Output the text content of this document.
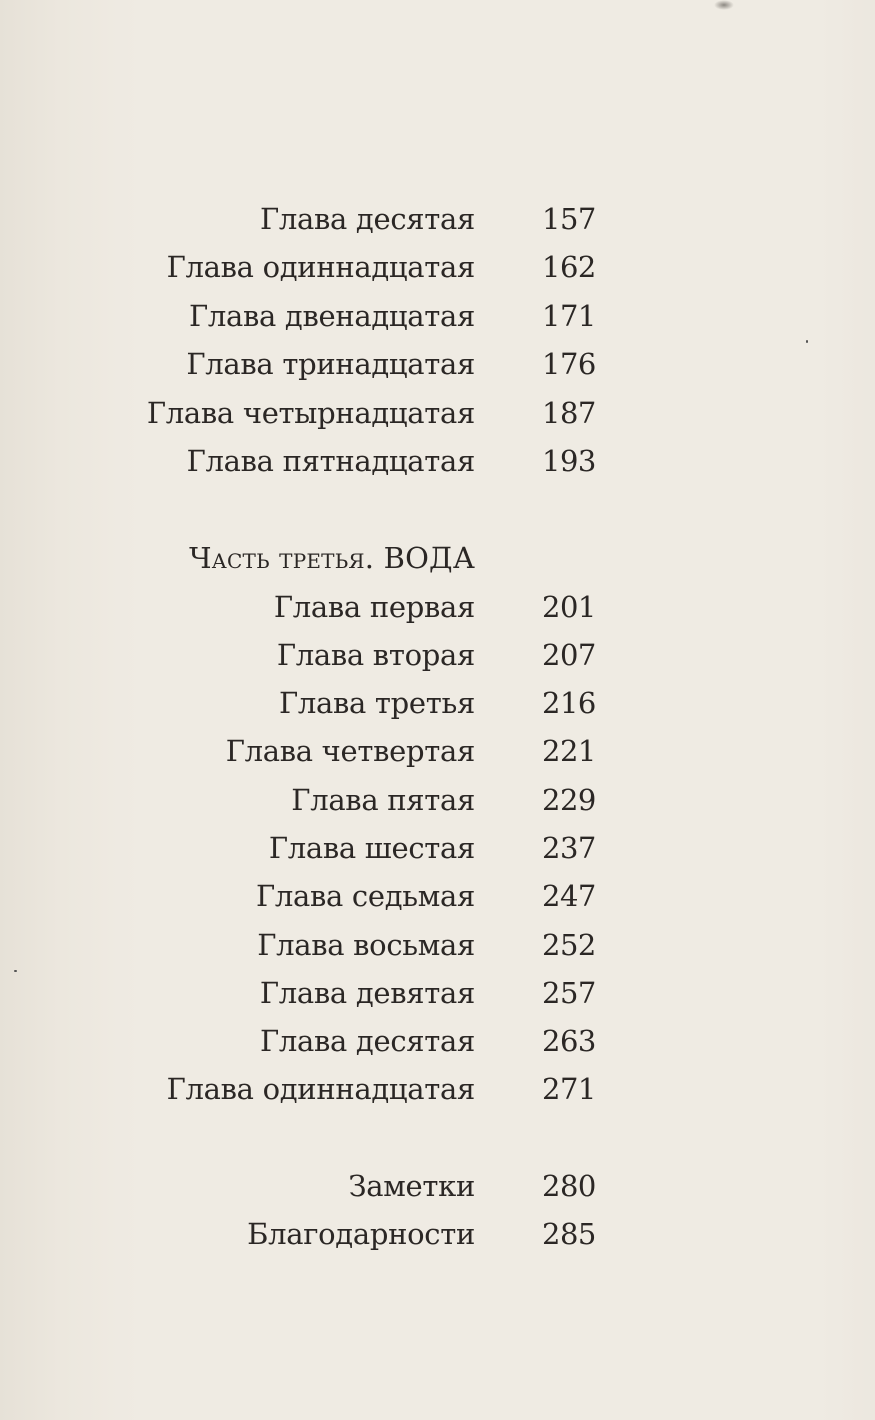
Глава десятая 157
Глава одиннадцатая 162
Глава двенадцатая 171
Глава тринадцатая 176
Глава четырнадцатая 187
Глава пятнадцатая 193
Часть третья. ВОДА
Глава первая 201
Глава вторая 207
Глава третья 216
Глава четвертая 221
Глава пятая 229
Глава шестая 237
Глава седьмая 247
Глава восьмая 252
Глава девятая 257
Глава десятая 263
Глава одиннадцатая 271
Заметки 280
Благодарности 285
